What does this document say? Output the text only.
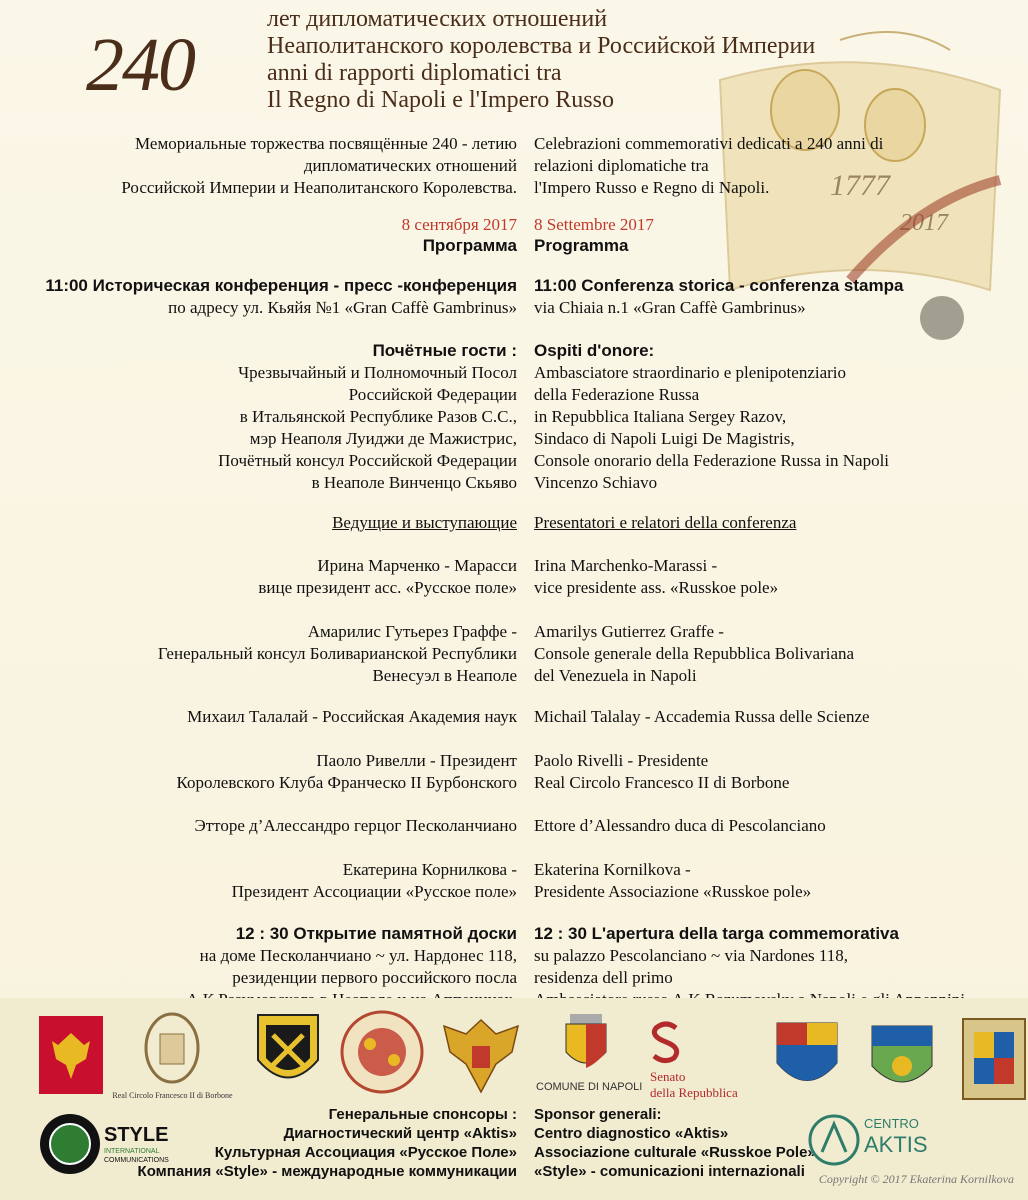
1777
2017
240
лет дипломатических отношений
Неаполитанского королевства и Российской Империи
anni di rapporti diplomatici tra
Il Regno di Napoli e l'Impero Russo
Мемориальные торжества посвящённые 240 - летию
дипломатических отношений
Российской Империи и Неаполитанского Королевства.
Celebrazioni commemorativi dedicati a 240 anni di
relazioni diplomatiche tra
l'Impero Russo e Regno di Napoli.
8 сентября 2017 8 Settembre 2017
Программа Programma
11:00 Историческая конференция - пресс -конференция
по адресу ул. Кьяйя №1 «Gran Caffè Gambrinus»
11:00 Conferenza storica - conferenza stampa
via Chiaia n.1 «Gran Caffè Gambrinus»
Почётные гости :
Чрезвычайный и Полномочный Посол
Российской Федерации
в Итальянской Республике Разов С.С.,
мэр Неаполя Луиджи де Мажистрис,
Почётный консул Российской Федерации
в Неаполе Винченцо Скьяво
Ospiti d'onore:
Ambasciatore straordinario e plenipotenziario
della Federazione Russa
in Repubblica Italiana Sergey Razov,
Sindaco di Napoli Luigi De Magistris,
Console onorario della Federazione Russa in Napoli
Vincenzo Schiavo
Ведущие и выступающие Presentatori e relatori della conferenza
Ирина Марченко - Марасси
вице президент асс. «Русское поле»
Irina Marchenko-Marassi -
vice presidente ass. «Russkoe pole»
Амарилис Гутьерез Граффе -
Генеральный консул Боливарианской Республики
Венесуэл в Неаполе
Amarilys Gutierrez Graffe -
Console generale della Repubblica Bolivariana
del Venezuela in Napoli
Михаил Талалай - Российская Академия наук Michail Talalay - Accademia Russa delle Scienze
Паоло Ривелли - Президент
Королевского Клуба Франческо II Бурбонского
Paolo Rivelli - Presidente
Real Circolo Francesco II di Borbone
Этторе д’Алессандро герцог Песколанчиано Ettore d’Alessandro duca di Pescolanciano
Екатерина Корнилкова -
Президент Ассоциации «Русское поле»
Ekaterina Kornilkova -
Presidente Associazione «Russkoe pole»
12 : 30 Открытие памятной доски
на доме Песколанчиано ~ ул. Нардонес 118,
резиденции первого российского посла
12 : 30 L'apertura della targa commemorativa
su palazzo Pescolanciano ~ via Nardones 118,
residenza dell primo
Real Circolo Francesco II di Borbone
COMUNE DI NAPOLI
Senato
della Repubblica
STYLE
INTERNATIONAL
COMMUNICATIONS
Генеральные спонсоры :
Диагностический центр «Aktis»
Культурная Ассоциация «Русское Поле»
Компания «Style» - международные коммуникации
Sponsor generali:
Centro diagnostico «Aktis»
Associazione culturale «Russkoe Pole»
«Style» - comunicazioni internazionali
CENTRO
AKTIS
Copyright © 2017 Ekaterina Kornilkova
